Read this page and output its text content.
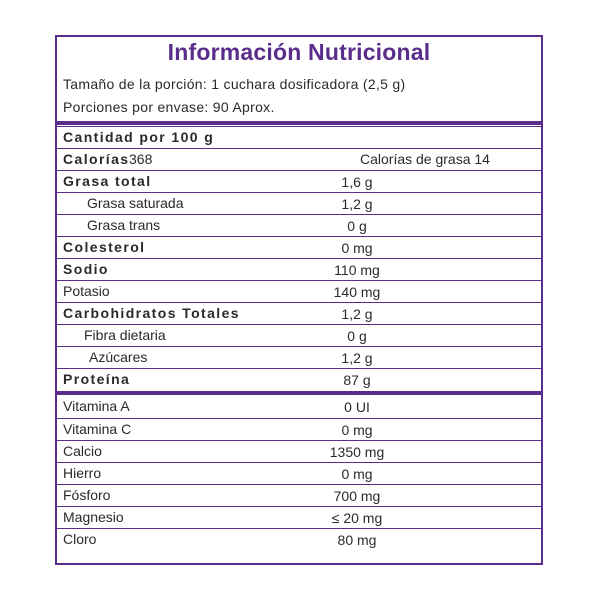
Información Nutricional
Tamaño de la porción: 1 cuchara dosificadora (2,5 g)
Porciones por envase: 90 Aprox.
Cantidad por 100 g
Calorías 368	Calorías de grasa 14
Grasa total	1,6 g
Grasa saturada	1,2 g
Grasa trans	0 g
Colesterol	0 mg
Sodio	110 mg
Potasio	140 mg
Carbohidratos Totales	1,2 g
Fibra dietaria	0 g
Azúcares	1,2 g
Proteína	87 g
Vitamina A	0 UI
Vitamina C	0 mg
Calcio	1350 mg
Hierro	0 mg
Fósforo	700 mg
Magnesio	≤ 20 mg
Cloro	80 mg
